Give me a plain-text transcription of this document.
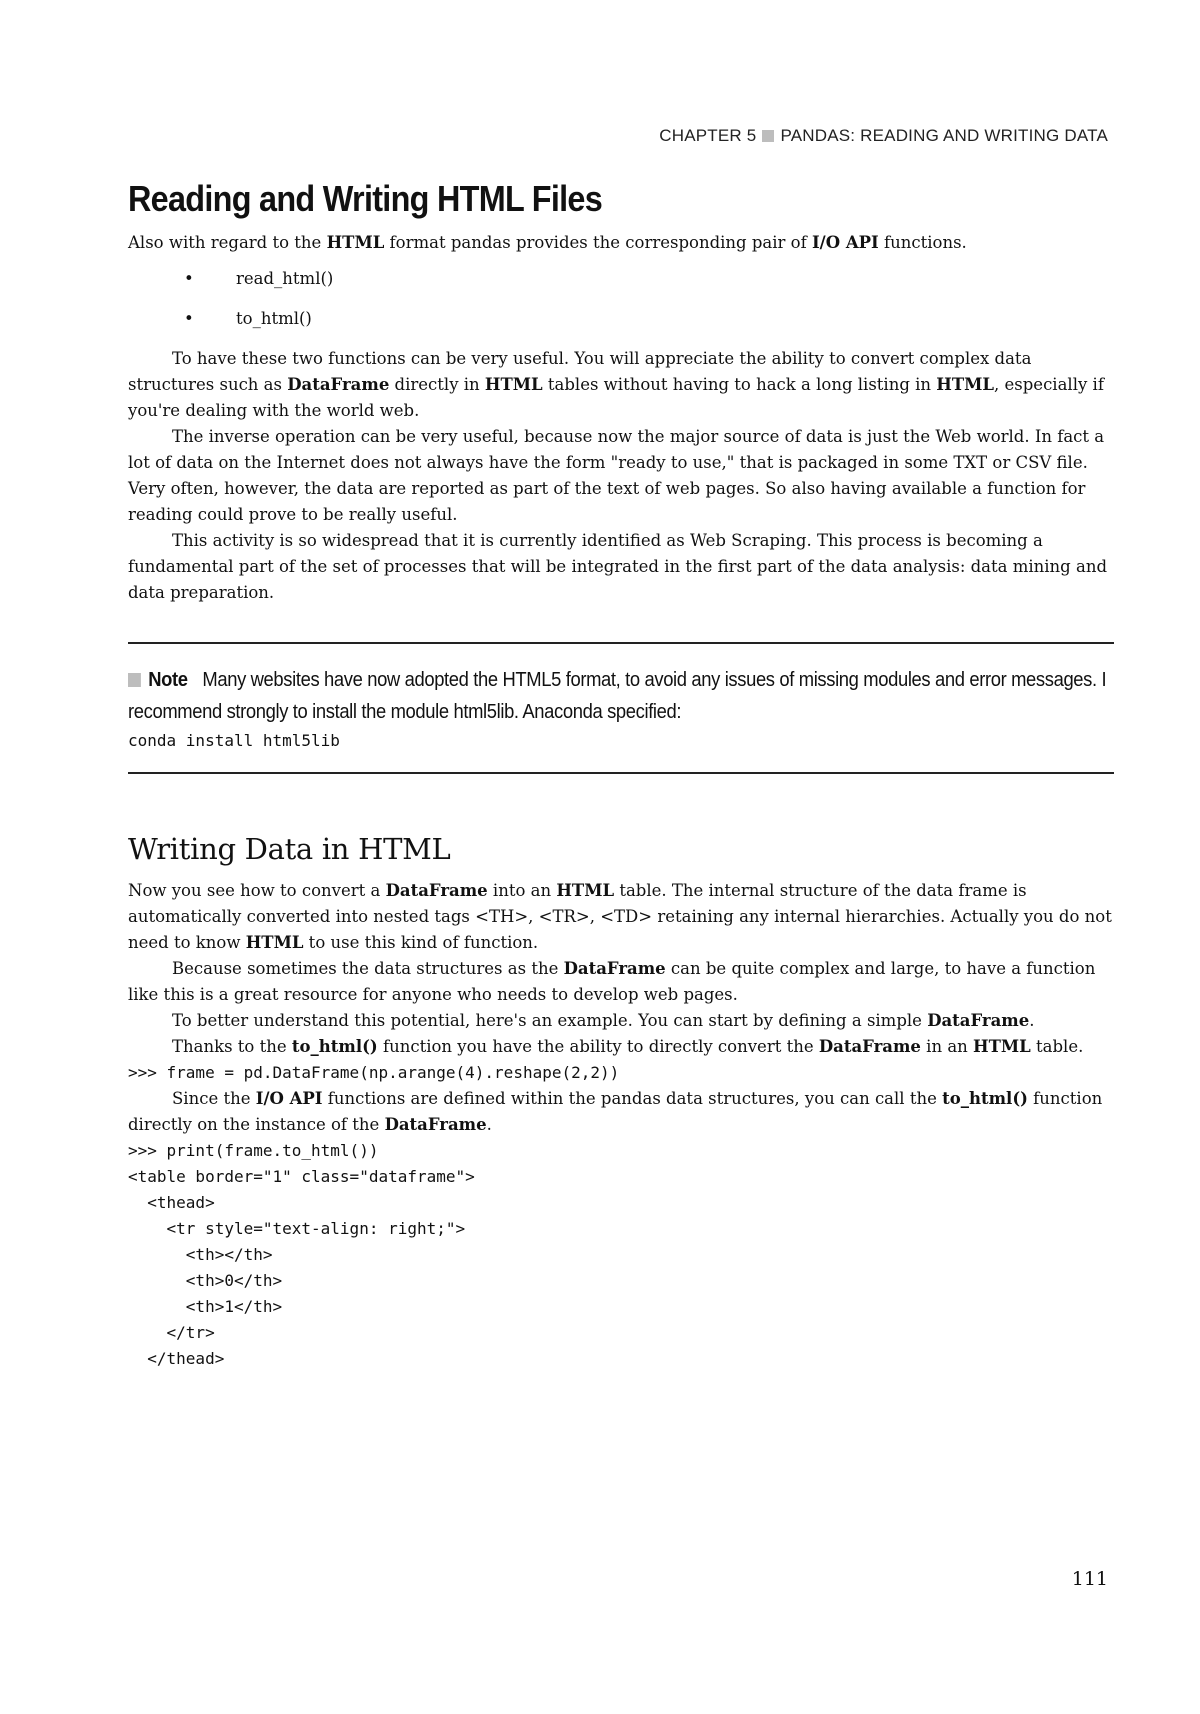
CHAPTER 5 PANDAS: READING AND WRITING DATA
Reading and Writing HTML Files

Also with regard to the HTML format pandas provides the corresponding pair of I/O API functions.

• read_html()
• to_html()

To have these two functions can be very useful. You will appreciate the ability to convert complex data structures such as DataFrame directly in HTML tables without having to hack a long listing in HTML, especially if you're dealing with the world web.

The inverse operation can be very useful, because now the major source of data is just the Web world. In fact a lot of data on the Internet does not always have the form "ready to use," that is packaged in some TXT or CSV file. Very often, however, the data are reported as part of the text of web pages. So also having available a function for reading could prove to be really useful.

This activity is so widespread that it is currently identified as Web Scraping. This process is becoming a fundamental part of the set of processes that will be integrated in the first part of the data analysis: data mining and data preparation.

Note Many websites have now adopted the HTML5 format, to avoid any issues of missing modules and error messages. I recommend strongly to install the module html5lib. Anaconda specified:
conda install html5lib
Writing Data in HTML

Now you see how to convert a DataFrame into an HTML table. The internal structure of the data frame is automatically converted into nested tags <TH>, <TR>, <TD> retaining any internal hierarchies. Actually you do not need to know HTML to use this kind of function.

Because sometimes the data structures as the DataFrame can be quite complex and large, to have a function like this is a great resource for anyone who needs to develop web pages.

To better understand this potential, here's an example. You can start by defining a simple DataFrame.

Thanks to the to_html() function you have the ability to directly convert the DataFrame in an HTML table.

>>> frame = pd.DataFrame(np.arange(4).reshape(2,2))

Since the I/O API functions are defined within the pandas data structures, you can call the to_html() function directly on the instance of the DataFrame.

>>> print(frame.to_html())
<table border="1" class="dataframe">
<thead>
<tr style="text-align: right;">
<th></th>
<th>0</th>
<th>1</th>
</tr>
</thead>
111
